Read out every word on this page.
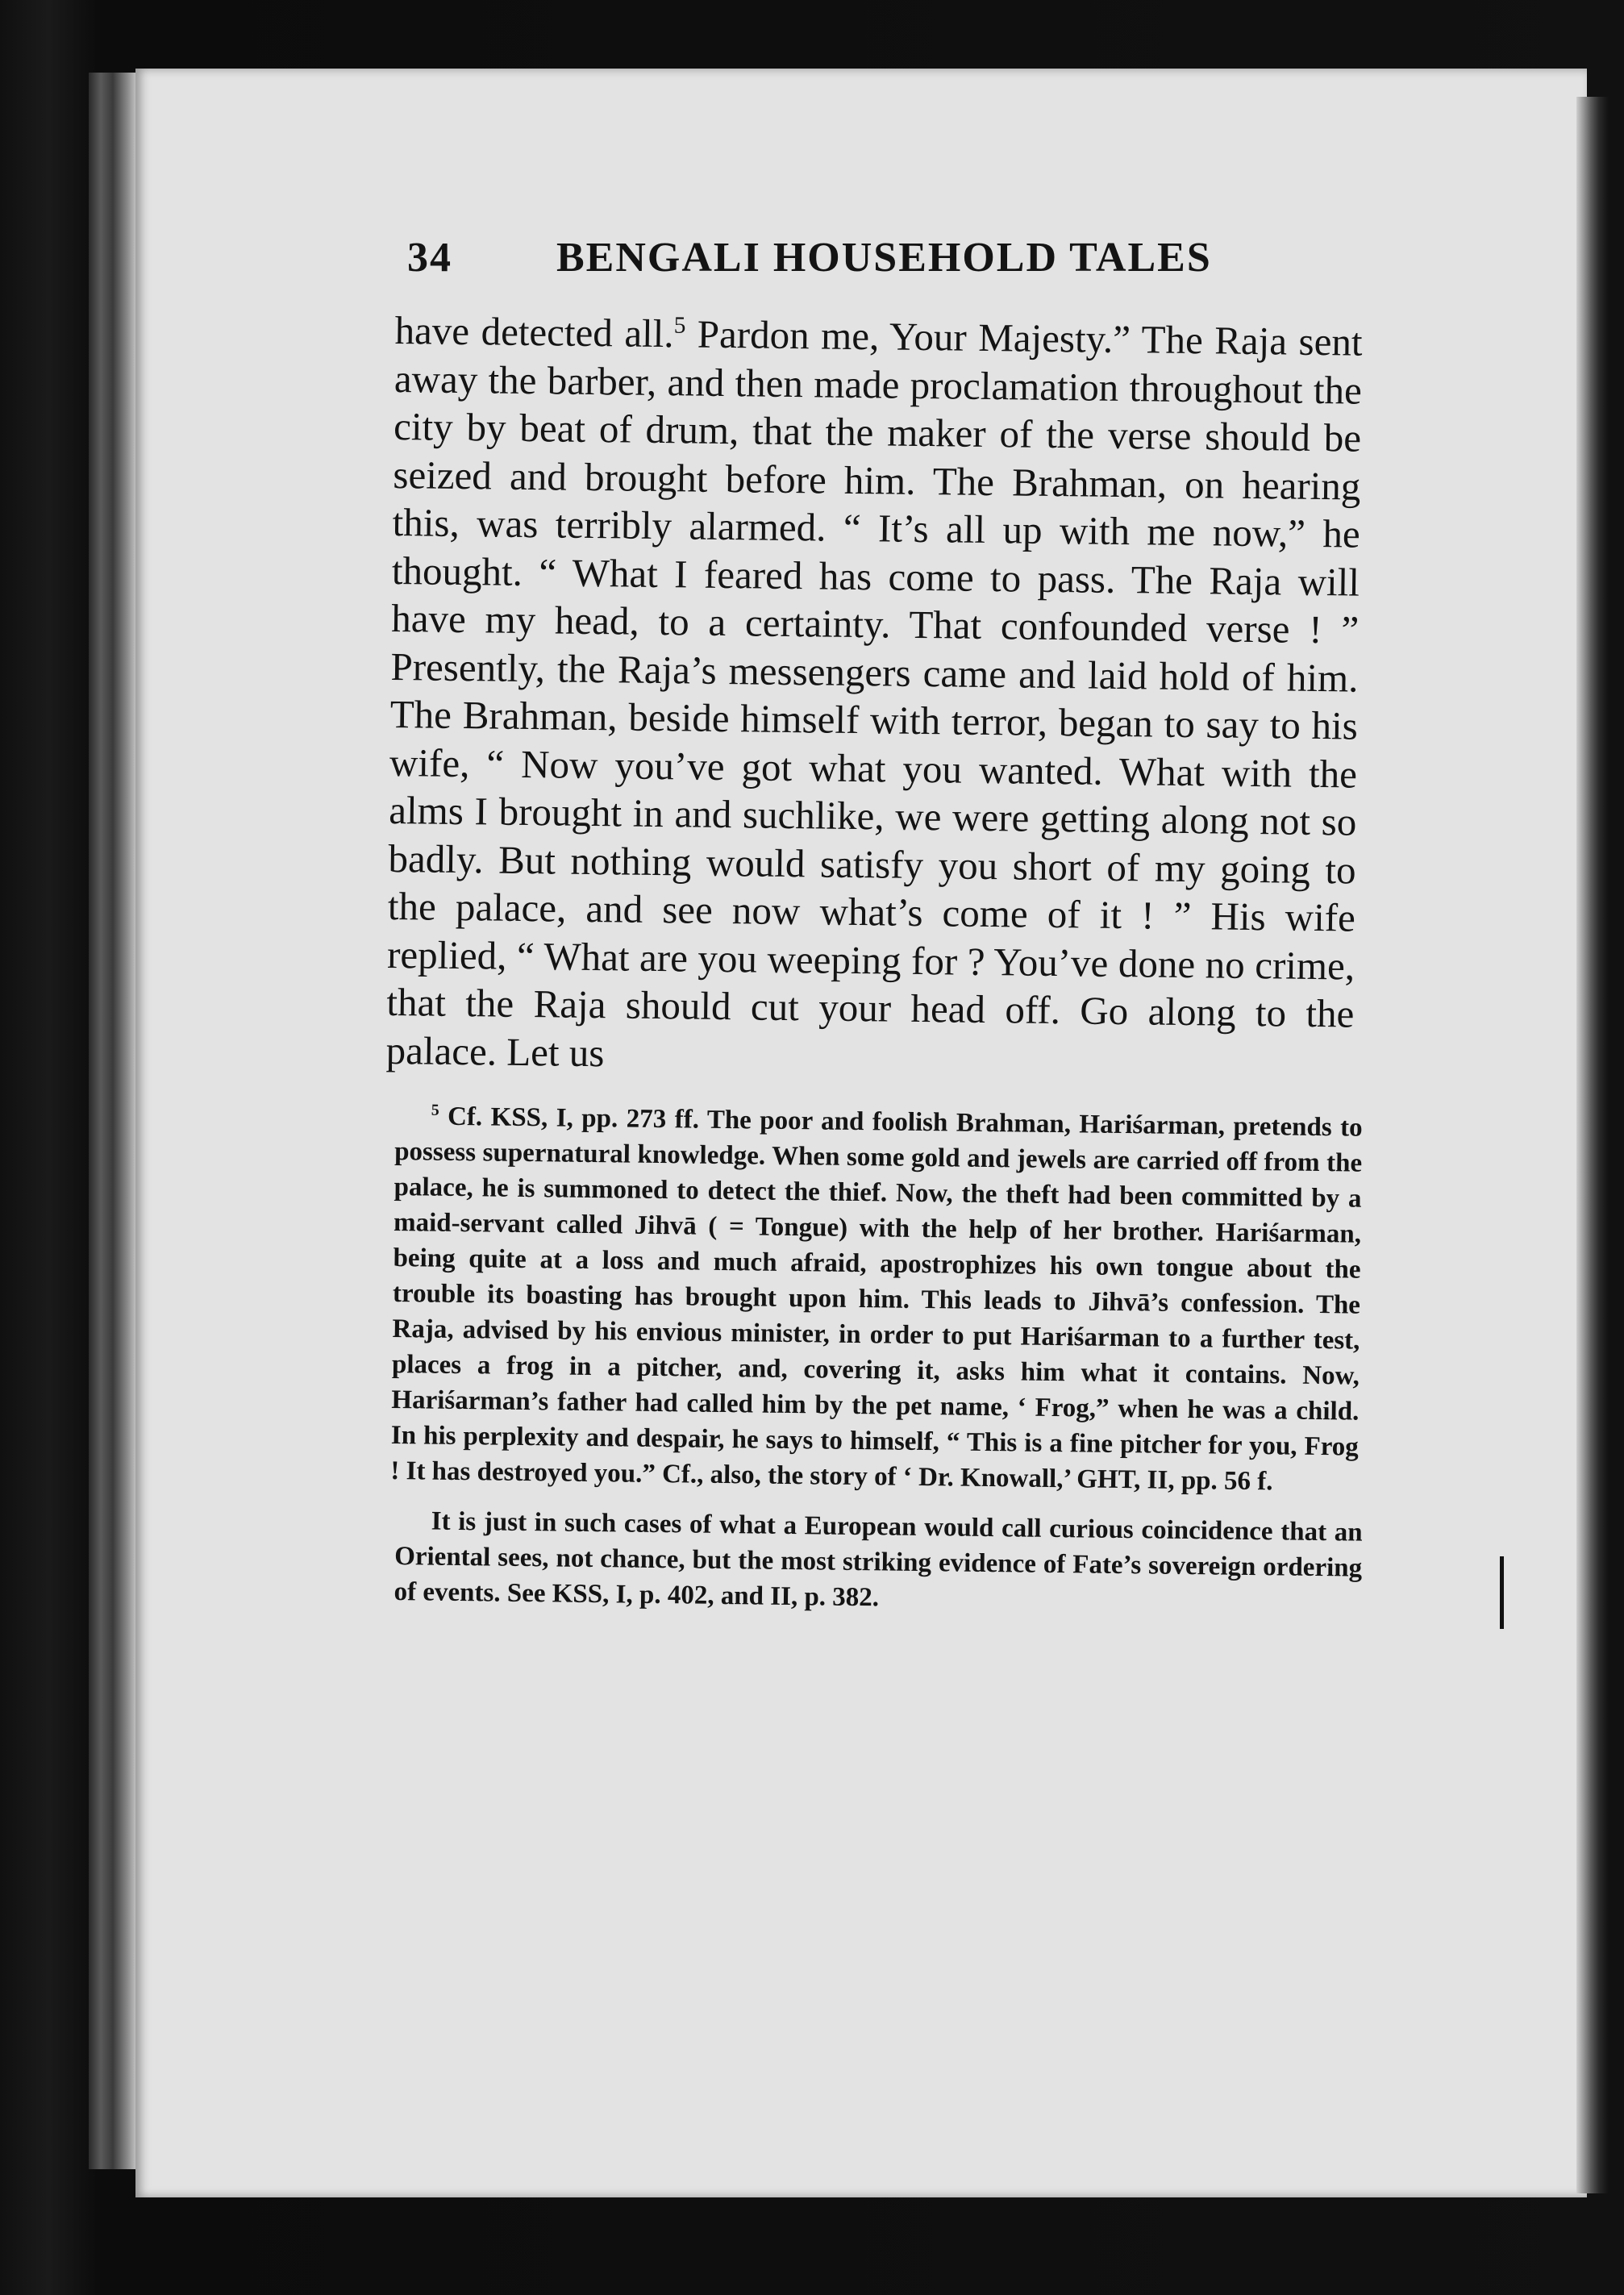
34 BENGALI HOUSEHOLD TALES

have detected all.$^5$ Pardon me, Your Majesty.” The Raja sent away the barber, and then made proclamation throughout the city by beat of drum, that the maker of the verse should be seized and brought before him. The Brahman, on hearing this, was terribly alarmed. “ It’s all up with me now,” he thought. “ What I feared has come to pass. The Raja will have my head, to a certainty. That confounded verse ! ” Presently, the Raja’s messengers came and laid hold of him. The Brahman, beside himself with terror, began to say to his wife, “ Now you’ve got what you wanted. What with the alms I brought in and suchlike, we were getting along not so badly. But nothing would satisfy you short of my going to the palace, and see now what’s come of it ! ” His wife replied, “ What are you weeping for ? You’ve done no crime, that the Raja should cut your head off. Go along to the palace. Let us

$^5$ Cf. KSS, I, pp. 273 ff. The poor and foolish Brahman, Hariśarman, pretends to possess supernatural knowledge. When some gold and jewels are carried off from the palace, he is summoned to detect the thief. Now, the theft had been committed by a maid-servant called Jihvā ( = Tongue) with the help of her brother. Hariśarman, being quite at a loss and much afraid, apostrophizes his own tongue about the trouble its boasting has brought upon him. This leads to Jihvā’s confession. The Raja, advised by his envious minister, in order to put Hariśarman to a further test, places a frog in a pitcher, and, covering it, asks him what it contains. Now, Hariśarman’s father had called him by the pet name, ‘ Frog,” when he was a child. In his perplexity and despair, he says to himself, “ This is a fine pitcher for you, Frog ! It has destroyed you.” Cf., also, the story of ‘ Dr. Knowall,’ GHT, II, pp. 56 f.

It is just in such cases of what a European would call curious coincidence that an Oriental sees, not chance, but the most striking evidence of Fate’s sovereign ordering of events. See KSS, I, p. 402, and II, p. 382.
